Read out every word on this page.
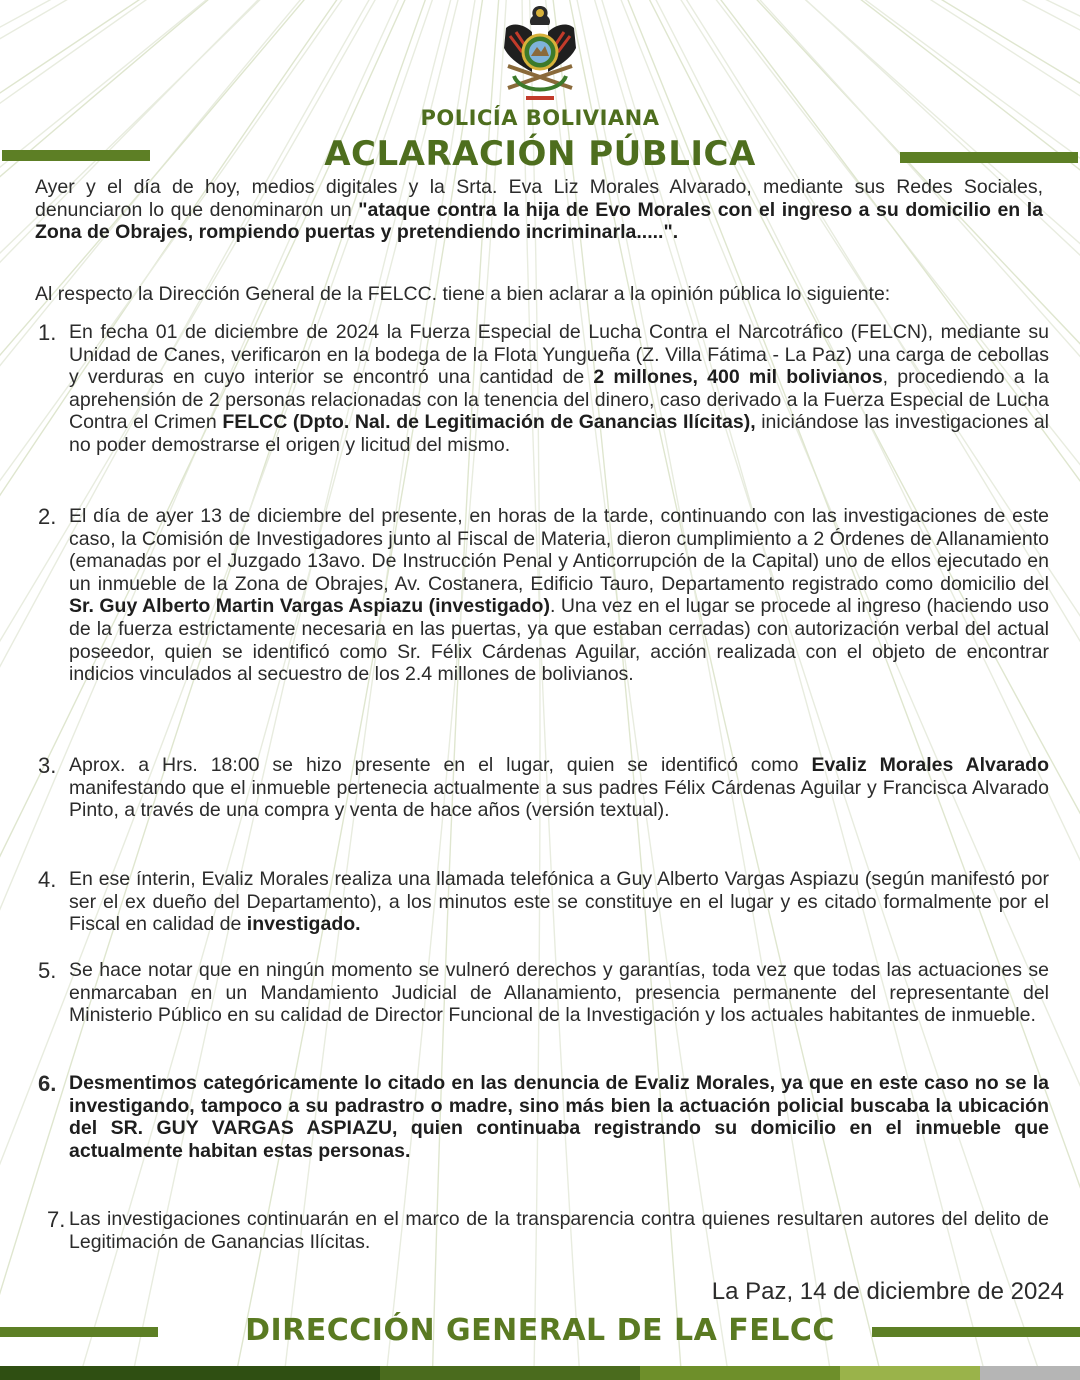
POLICÍA BOLIVIANA
ACLARACIÓN PÚBLICA
Ayer y el día de hoy, medios digitales y la Srta. Eva Liz Morales Alvarado, mediante sus Redes Sociales, denunciaron lo que denominaron un "ataque contra la hija de Evo Morales con el ingreso a su domicilio en la Zona de Obrajes, rompiendo puertas y pretendiendo incriminarla.....".
Al respecto la Dirección General de la FELCC. tiene a bien aclarar a la opinión pública lo siguiente:
1. En fecha 01 de diciembre de 2024 la Fuerza Especial de Lucha Contra el Narcotráfico (FELCN), mediante su Unidad de Canes, verificaron en la bodega de la Flota Yungueña (Z. Villa Fátima - La Paz) una carga de cebollas y verduras en cuyo interior se encontró una cantidad de 2 millones, 400 mil bolivianos, procediendo a la aprehensión de 2 personas relacionadas con la tenencia del dinero, caso derivado a la Fuerza Especial de Lucha Contra el Crimen FELCC (Dpto. Nal. de Legitimación de Ganancias Ilícitas), iniciándose las investigaciones al no poder demostrarse el origen y licitud del mismo.
2. El día de ayer 13 de diciembre del presente, en horas de la tarde, continuando con las investigaciones de este caso, la Comisión de Investigadores junto al Fiscal de Materia, dieron cumplimiento a 2 Órdenes de Allanamiento (emanadas por el Juzgado 13avo. De Instrucción Penal y Anticorrupción de la Capital) uno de ellos ejecutado en un inmueble de la Zona de Obrajes, Av. Costanera, Edificio Tauro, Departamento registrado como domicilio del Sr. Guy Alberto Martin Vargas Aspiazu (investigado). Una vez en el lugar se procede al ingreso (haciendo uso de la fuerza estrictamente necesaria en las puertas, ya que estaban cerradas) con autorización verbal del actual poseedor, quien se identificó como Sr. Félix Cárdenas Aguilar, acción realizada con el objeto de encontrar indicios vinculados al secuestro de los 2.4 millones de bolivianos.
3. Aprox. a Hrs. 18:00 se hizo presente en el lugar, quien se identificó como Evaliz Morales Alvarado manifestando que el inmueble pertenecia actualmente a sus padres Félix Cárdenas Aguilar y Francisca Alvarado Pinto, a través de una compra y venta de hace años (versión textual).
4. En ese ínterin, Evaliz Morales realiza una llamada telefónica a Guy Alberto Vargas Aspiazu (según manifestó por ser el ex dueño del Departamento), a los minutos este se constituye en el lugar y es citado formalmente por el Fiscal en calidad de investigado.
5. Se hace notar que en ningún momento se vulneró derechos y garantías, toda vez que todas las actuaciones se enmarcaban en un Mandamiento Judicial de Allanamiento, presencia permanente del representante del Ministerio Público en su calidad de Director Funcional de la Investigación y los actuales habitantes de inmueble.
6. Desmentimos categóricamente lo citado en las denuncia de Evaliz Morales, ya que en este caso no se la investigando, tampoco a su padrastro o madre, sino más bien la actuación policial buscaba la ubicación del SR. GUY VARGAS ASPIAZU, quien continuaba registrando su domicilio en el inmueble que actualmente habitan estas personas.
7. Las investigaciones continuarán en el marco de la transparencia contra quienes resultaren autores del delito de Legitimación de Ganancias Ilícitas.
La Paz, 14 de diciembre de 2024
DIRECCIÓN GENERAL DE LA FELCC
